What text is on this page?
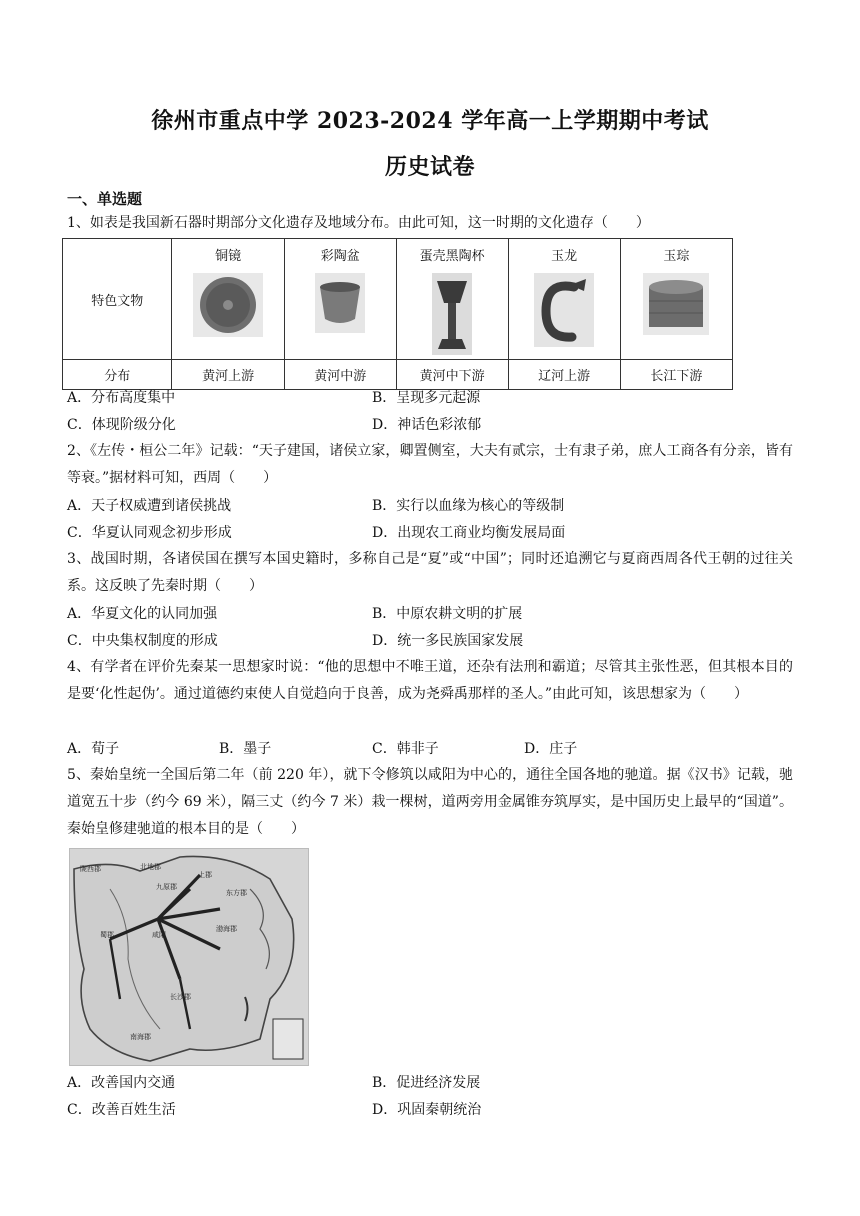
徐州市重点中学 2023-2024 学年高一上学期期中考试
历史试卷
一、单选题
1、如表是我国新石器时期部分文化遗存及地域分布。由此可知，这一时期的文化遗存（　　）
特色文物	铜镜	彩陶盆	蛋壳黑陶杯	玉龙	玉琮

分布	黄河上游	黄河中游	黄河中下游	辽河上游	长江下游
A．分布高度集中	B．呈现多元起源
C．体现阶级分化	D．神话色彩浓郁
2、《左传・桓公二年》记载：“天子建国，诸侯立家，卿置侧室，大夫有贰宗，士有隶子弟，庶人工商各有分亲，皆有等衰。”据材料可知，西周（　　）
A．天子权威遭到诸侯挑战	B．实行以血缘为核心的等级制
C．华夏认同观念初步形成	D．出现农工商业均衡发展局面
3、战国时期，各诸侯国在撰写本国史籍时，多称自己是“夏”或“中国”；同时还追溯它与夏商西周各代王朝的过往关系。这反映了先秦时期（　　）
A．华夏文化的认同加强	B．中原农耕文明的扩展
C．中央集权制度的形成	D．统一多民族国家发展
4、有学者在评价先秦某一思想家时说：“他的思想中不唯王道，还杂有法刑和霸道；尽管其主张性恶，但其根本目的是要‘化性起伪’。通过道德约束使人自觉趋向于良善，成为尧舜禹那样的圣人。”由此可知，该思想家为（　　）
A．荀子	B．墨子	C．韩非子	D．庄子
5、秦始皇统一全国后第二年（前 220 年），就下令修筑以咸阳为中心的，通往全国各地的驰道。据《汉书》记载，驰道宽五十步（约今 69 米），隔三丈（约今 7 米）栽一棵树，道两旁用金属锥夯筑厚实，是中国历史上最早的“国道”。秦始皇修建驰道的根本目的是（　　）
陇西郡	北地郡
上郡
九原郡
咸阳
渤海郡
东方郡
蜀郡
长沙郡
南海郡
A．改善国内交通	B．促进经济发展
C．改善百姓生活	D．巩固秦朝统治
